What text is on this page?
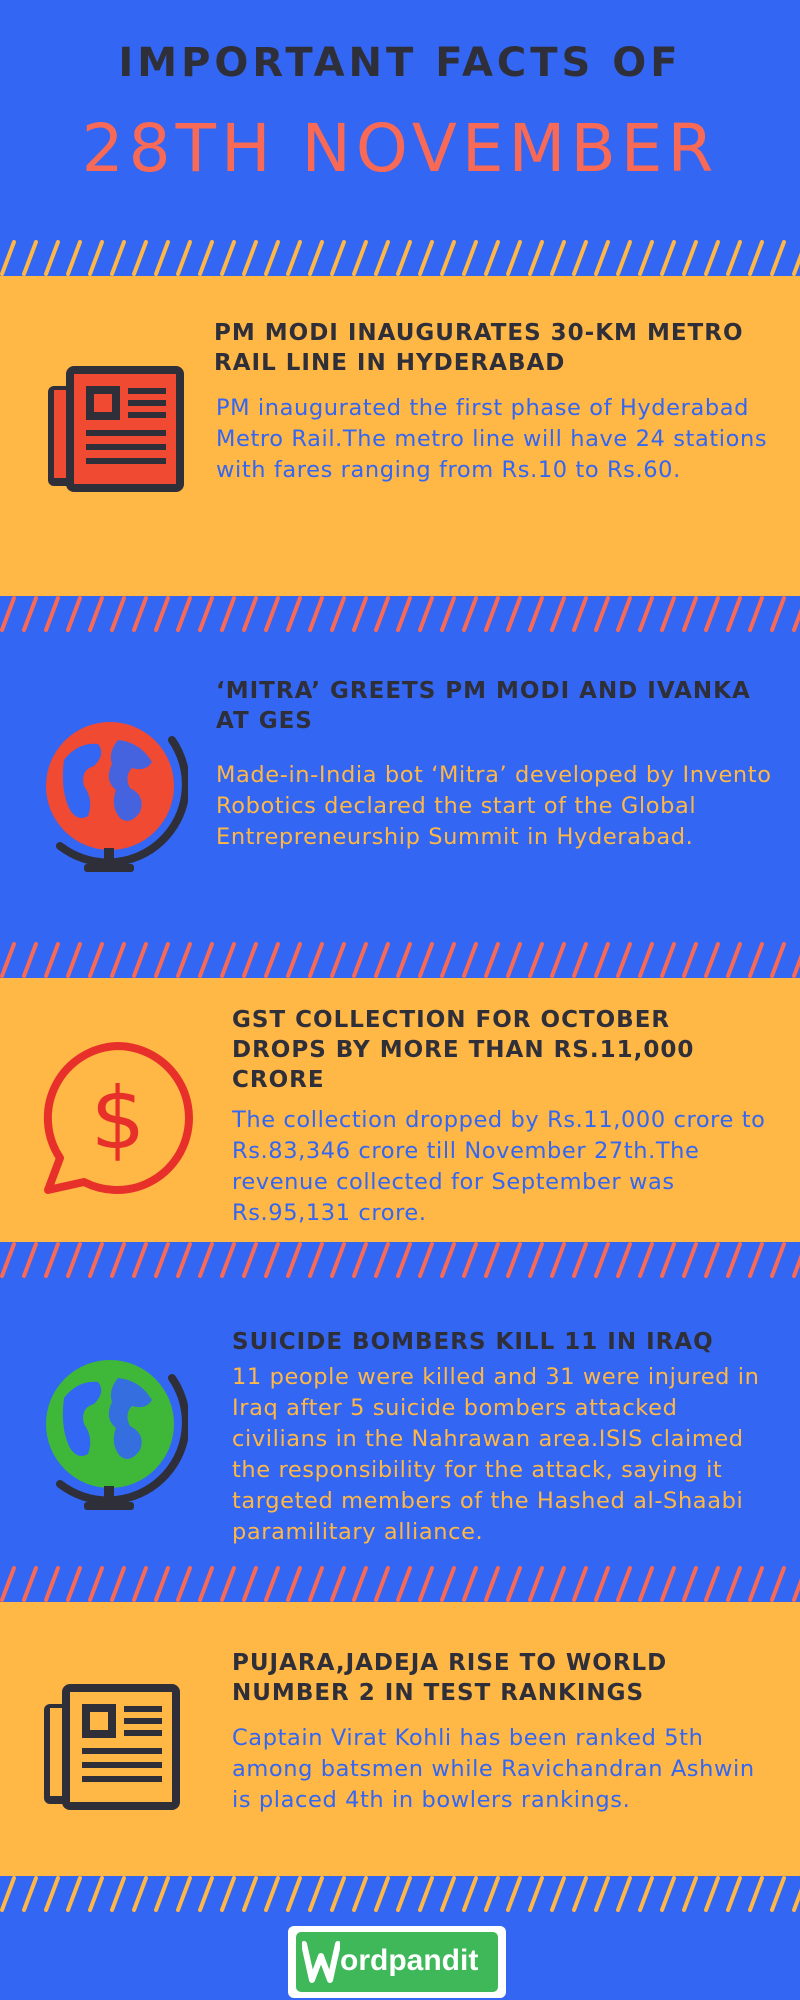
IMPORTANT FACTS OF
28TH NOVEMBER
PM MODI INAUGURATES 30-KM METRO RAIL LINE IN HYDERABAD
PM inaugurated the first phase of Hyderabad Metro Rail.The metro line will have 24 stations with fares ranging from Rs.10 to Rs.60.
‘MITRA’ GREETS PM MODI AND IVANKA AT GES
Made-in-India bot ‘Mitra’ developed by Invento Robotics declared the start of the Global Entrepreneurship Summit in Hyderabad.
$
GST COLLECTION FOR OCTOBER DROPS BY MORE THAN RS.11,000 CRORE
The collection dropped by Rs.11,000 crore to Rs.83,346 crore till November 27th.The revenue collected for September was Rs.95,131 crore.
SUICIDE BOMBERS KILL 11 IN IRAQ
11 people were killed and 31 were injured in Iraq after 5 suicide bombers attacked civilians in the Nahrawan area.ISIS claimed the responsibility for the attack, saying it targeted members of the Hashed al-Shaabi paramilitary alliance.
PUJARA,JADEJA RISE TO WORLD NUMBER 2 IN TEST RANKINGS
Captain Virat Kohli has been ranked 5th among batsmen while Ravichandran Ashwin is placed 4th in bowlers rankings.
ordpandit
